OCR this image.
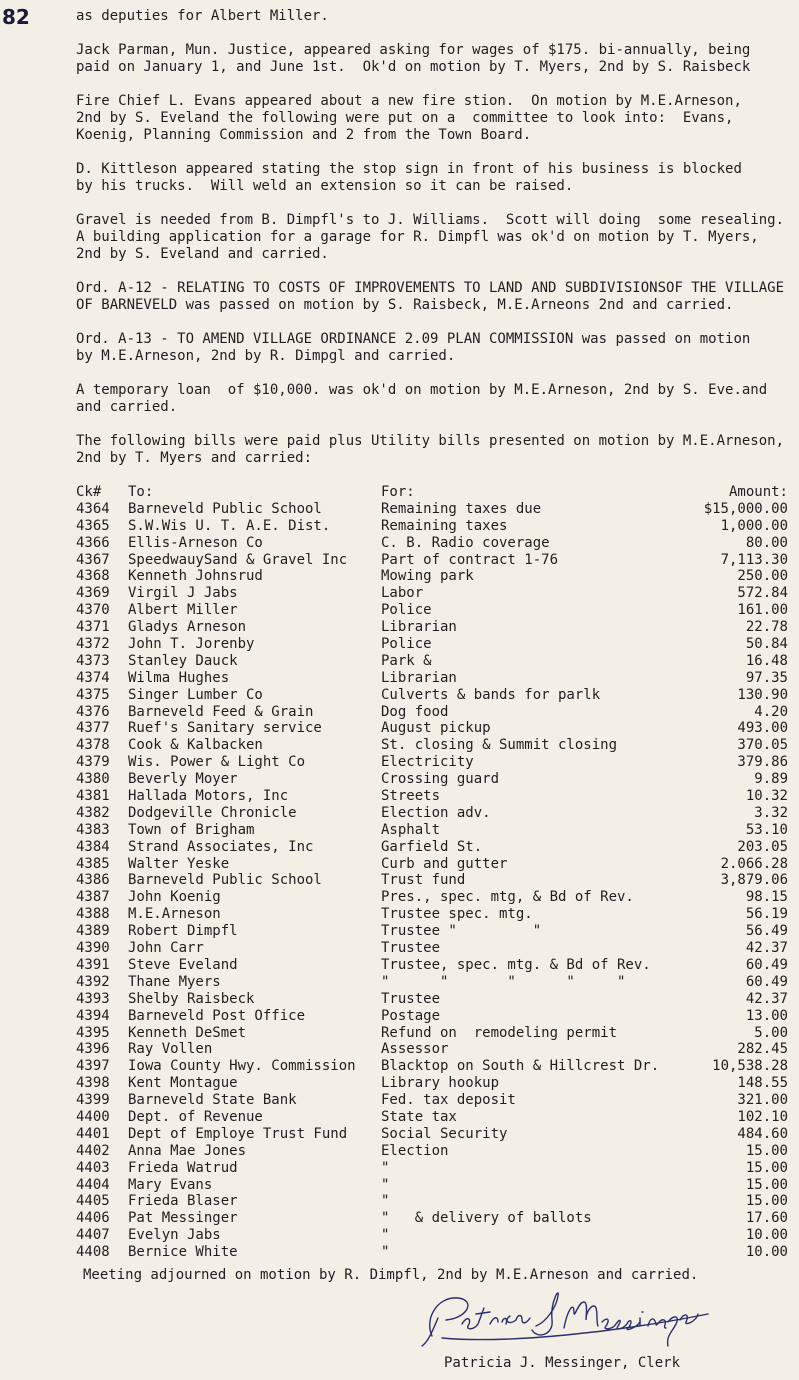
82	as deputies for Albert Miller.
Jack Parman, Mun. Justice, appeared asking for wages of $175. bi-annually, being
paid on January 1, and June 1st.  Ok'd on motion by T. Myers, 2nd by S. Raisbeck
Fire Chief L. Evans appeared about a new fire stion.  On motion by M.E.Arneson,
2nd by S. Eveland the following were put on a  committee to look into:  Evans,
Koenig, Planning Commission and 2 from the Town Board.
D. Kittleson appeared stating the stop sign in front of his business is blocked
by his trucks.  Will weld an extension so it can be raised.
Gravel is needed from B. Dimpfl's to J. Williams.  Scott will doing  some resealing.
A building application for a garage for R. Dimpfl was ok'd on motion by T. Myers,
2nd by S. Eveland and carried.
Ord. A-12 - RELATING TO COSTS OF IMPROVEMENTS TO LAND AND SUBDIVISIONSOF THE VILLAGE
OF BARNEVELD was passed on motion by S. Raisbeck, M.E.Arneons 2nd and carried.
Ord. A-13 - TO AMEND VILLAGE ORDINANCE 2.09 PLAN COMMISSION was passed on motion
by M.E.Arneson, 2nd by R. Dimpgl and carried.
A temporary loan  of $10,000. was ok'd on motion by M.E.Arneson, 2nd by S. Eve.and
and carried.
The following bills were paid plus Utility bills presented on motion by M.E.Arneson,
2nd by T. Myers and carried:
Ck#	To:	For:	Amount:
4364	Barneveld Public School	Remaining taxes due	$15,000.00
4365	S.W.Wis U. T. A.E. Dist.	Remaining taxes	1,000.00
4366	Ellis-Arneson Co	C. B. Radio coverage	80.00
4367	SpeedwauySand & Gravel Inc	Part of contract 1-76	7,113.30
4368	Kenneth Johnsrud	Mowing park	250.00
4369	Virgil J Jabs	Labor	572.84
4370	Albert Miller	Police	161.00
4371	Gladys Arneson	Librarian	22.78
4372	John T. Jorenby	Police	50.84
4373	Stanley Dauck	Park &	16.48
4374	Wilma Hughes	Librarian	97.35
4375	Singer Lumber Co	Culverts & bands for parlk	130.90
4376	Barneveld Feed & Grain	Dog food	4.20
4377	Ruef's Sanitary service	August pickup	493.00
4378	Cook & Kalbacken	St. closing & Summit closing	370.05
4379	Wis. Power & Light Co	Electricity	379.86
4380	Beverly Moyer	Crossing guard	9.89
4381	Hallada Motors, Inc	Streets	10.32
4382	Dodgeville Chronicle	Election adv.	3.32
4383	Town of Brigham	Asphalt	53.10
4384	Strand Associates, Inc	Garfield St.	203.05
4385	Walter Yeske	Curb and gutter	2.066.28
4386	Barneveld Public School	Trust fund	3,879.06
4387	John Koenig	Pres., spec. mtg, & Bd of Rev.	98.15
4388	M.E.Arneson	Trustee spec. mtg.	56.19
4389	Robert Dimpfl	Trustee "         "	56.49
4390	John Carr	Trustee	42.37
4391	Steve Eveland	Trustee, spec. mtg. & Bd of Rev.	60.49
4392	Thane Myers	"      "       "      "     "	60.49
4393	Shelby Raisbeck	Trustee	42.37
4394	Barneveld Post Office	Postage	13.00
4395	Kenneth DeSmet	Refund on  remodeling permit	5.00
4396	Ray Vollen	Assessor	282.45
4397	Iowa County Hwy. Commission	Blacktop on South & Hillcrest Dr.	10,538.28
4398	Kent Montague	Library hookup	148.55
4399	Barneveld State Bank	Fed. tax deposit	321.00
4400	Dept. of Revenue	State tax	102.10
4401	Dept of Employe Trust Fund	Social Security	484.60
4402	Anna Mae Jones	Election	15.00
4403	Frieda Watrud	"	15.00
4404	Mary Evans	"	15.00
4405	Frieda Blaser	"	15.00
4406	Pat Messinger	"   & delivery of ballots	17.60
4407	Evelyn Jabs	"	10.00
4408	Bernice White	"	10.00
Meeting adjourned on motion by R. Dimpfl, 2nd by M.E.Arneson and carried.
Patricia J. Messinger, Clerk
